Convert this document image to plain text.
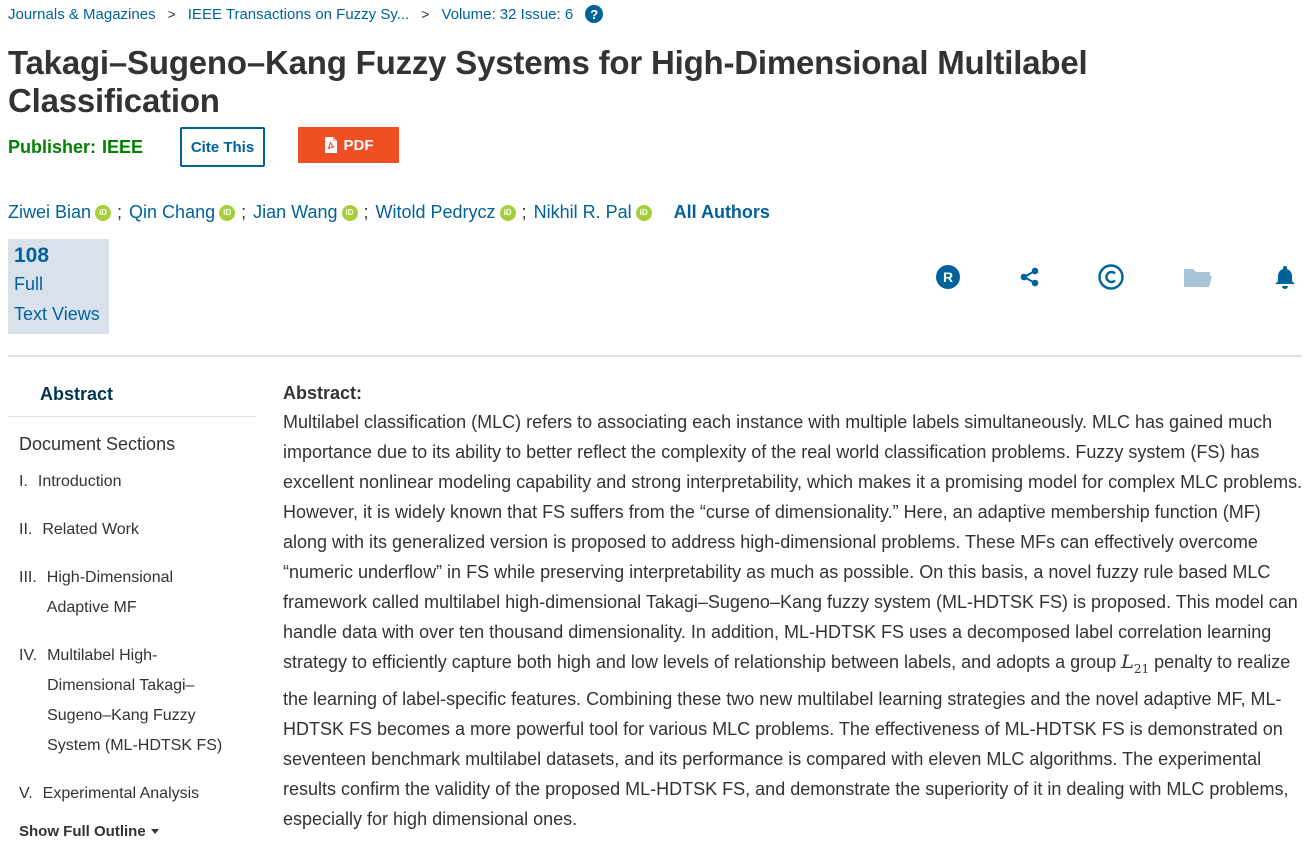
Journals & Magazines > IEEE Transactions on Fuzzy Sy... > Volume: 32 Issue: 6	?
Takagi–Sugeno–Kang Fuzzy Systems for High-Dimensional Multilabel Classification
Publisher: IEEE	Cite This	PDF
Ziwei Bian	iD ; Qin Chang	iD ; Jian Wang	iD ; Witold Pedrycz	iD ; Nikhil R. Pal	iD All Authors
108
Full
Text Views
R
Abstract
Document Sections
I. Introduction
II. Related Work
III. High-Dimensional
Adaptive MF
IV. Multilabel High-
Dimensional Takagi–
Sugeno–Kang Fuzzy
System (ML-HDTSK FS)
V. Experimental Analysis
Show Full Outline
Abstract:
Multilabel classification (MLC) refers to associating each instance with multiple labels simultaneously. MLC has gained much importance due to its ability to better reflect the complexity of the real world classification problems. Fuzzy system (FS) has excellent nonlinear modeling capability and strong interpretability, which makes it a promising model for complex MLC problems. However, it is widely known that FS suffers from the “curse of dimensionality.” Here, an adaptive membership function (MF) along with its generalized version is proposed to address high-dimensional problems. These MFs can effectively overcome “numeric underflow” in FS while preserving interpretability as much as possible. On this basis, a novel fuzzy rule based MLC framework called multilabel high-dimensional Takagi–Sugeno–Kang fuzzy system (ML-HDTSK FS) is proposed. This model can handle data with over ten thousand dimensionality. In addition, ML-HDTSK FS uses a decomposed label correlation learning strategy to efficiently capture both high and low levels of relationship between labels, and adopts a group $L_{21}$ penalty to realize the learning of label-specific features. Combining these two new multilabel learning strategies and the novel adaptive MF, ML-HDTSK FS becomes a more powerful tool for various MLC problems. The effectiveness of ML-HDTSK FS is demonstrated on seventeen benchmark multilabel datasets, and its performance is compared with eleven MLC algorithms. The experimental results confirm the validity of the proposed ML-HDTSK FS, and demonstrate the superiority of it in dealing with MLC problems, especially for high dimensional ones.
